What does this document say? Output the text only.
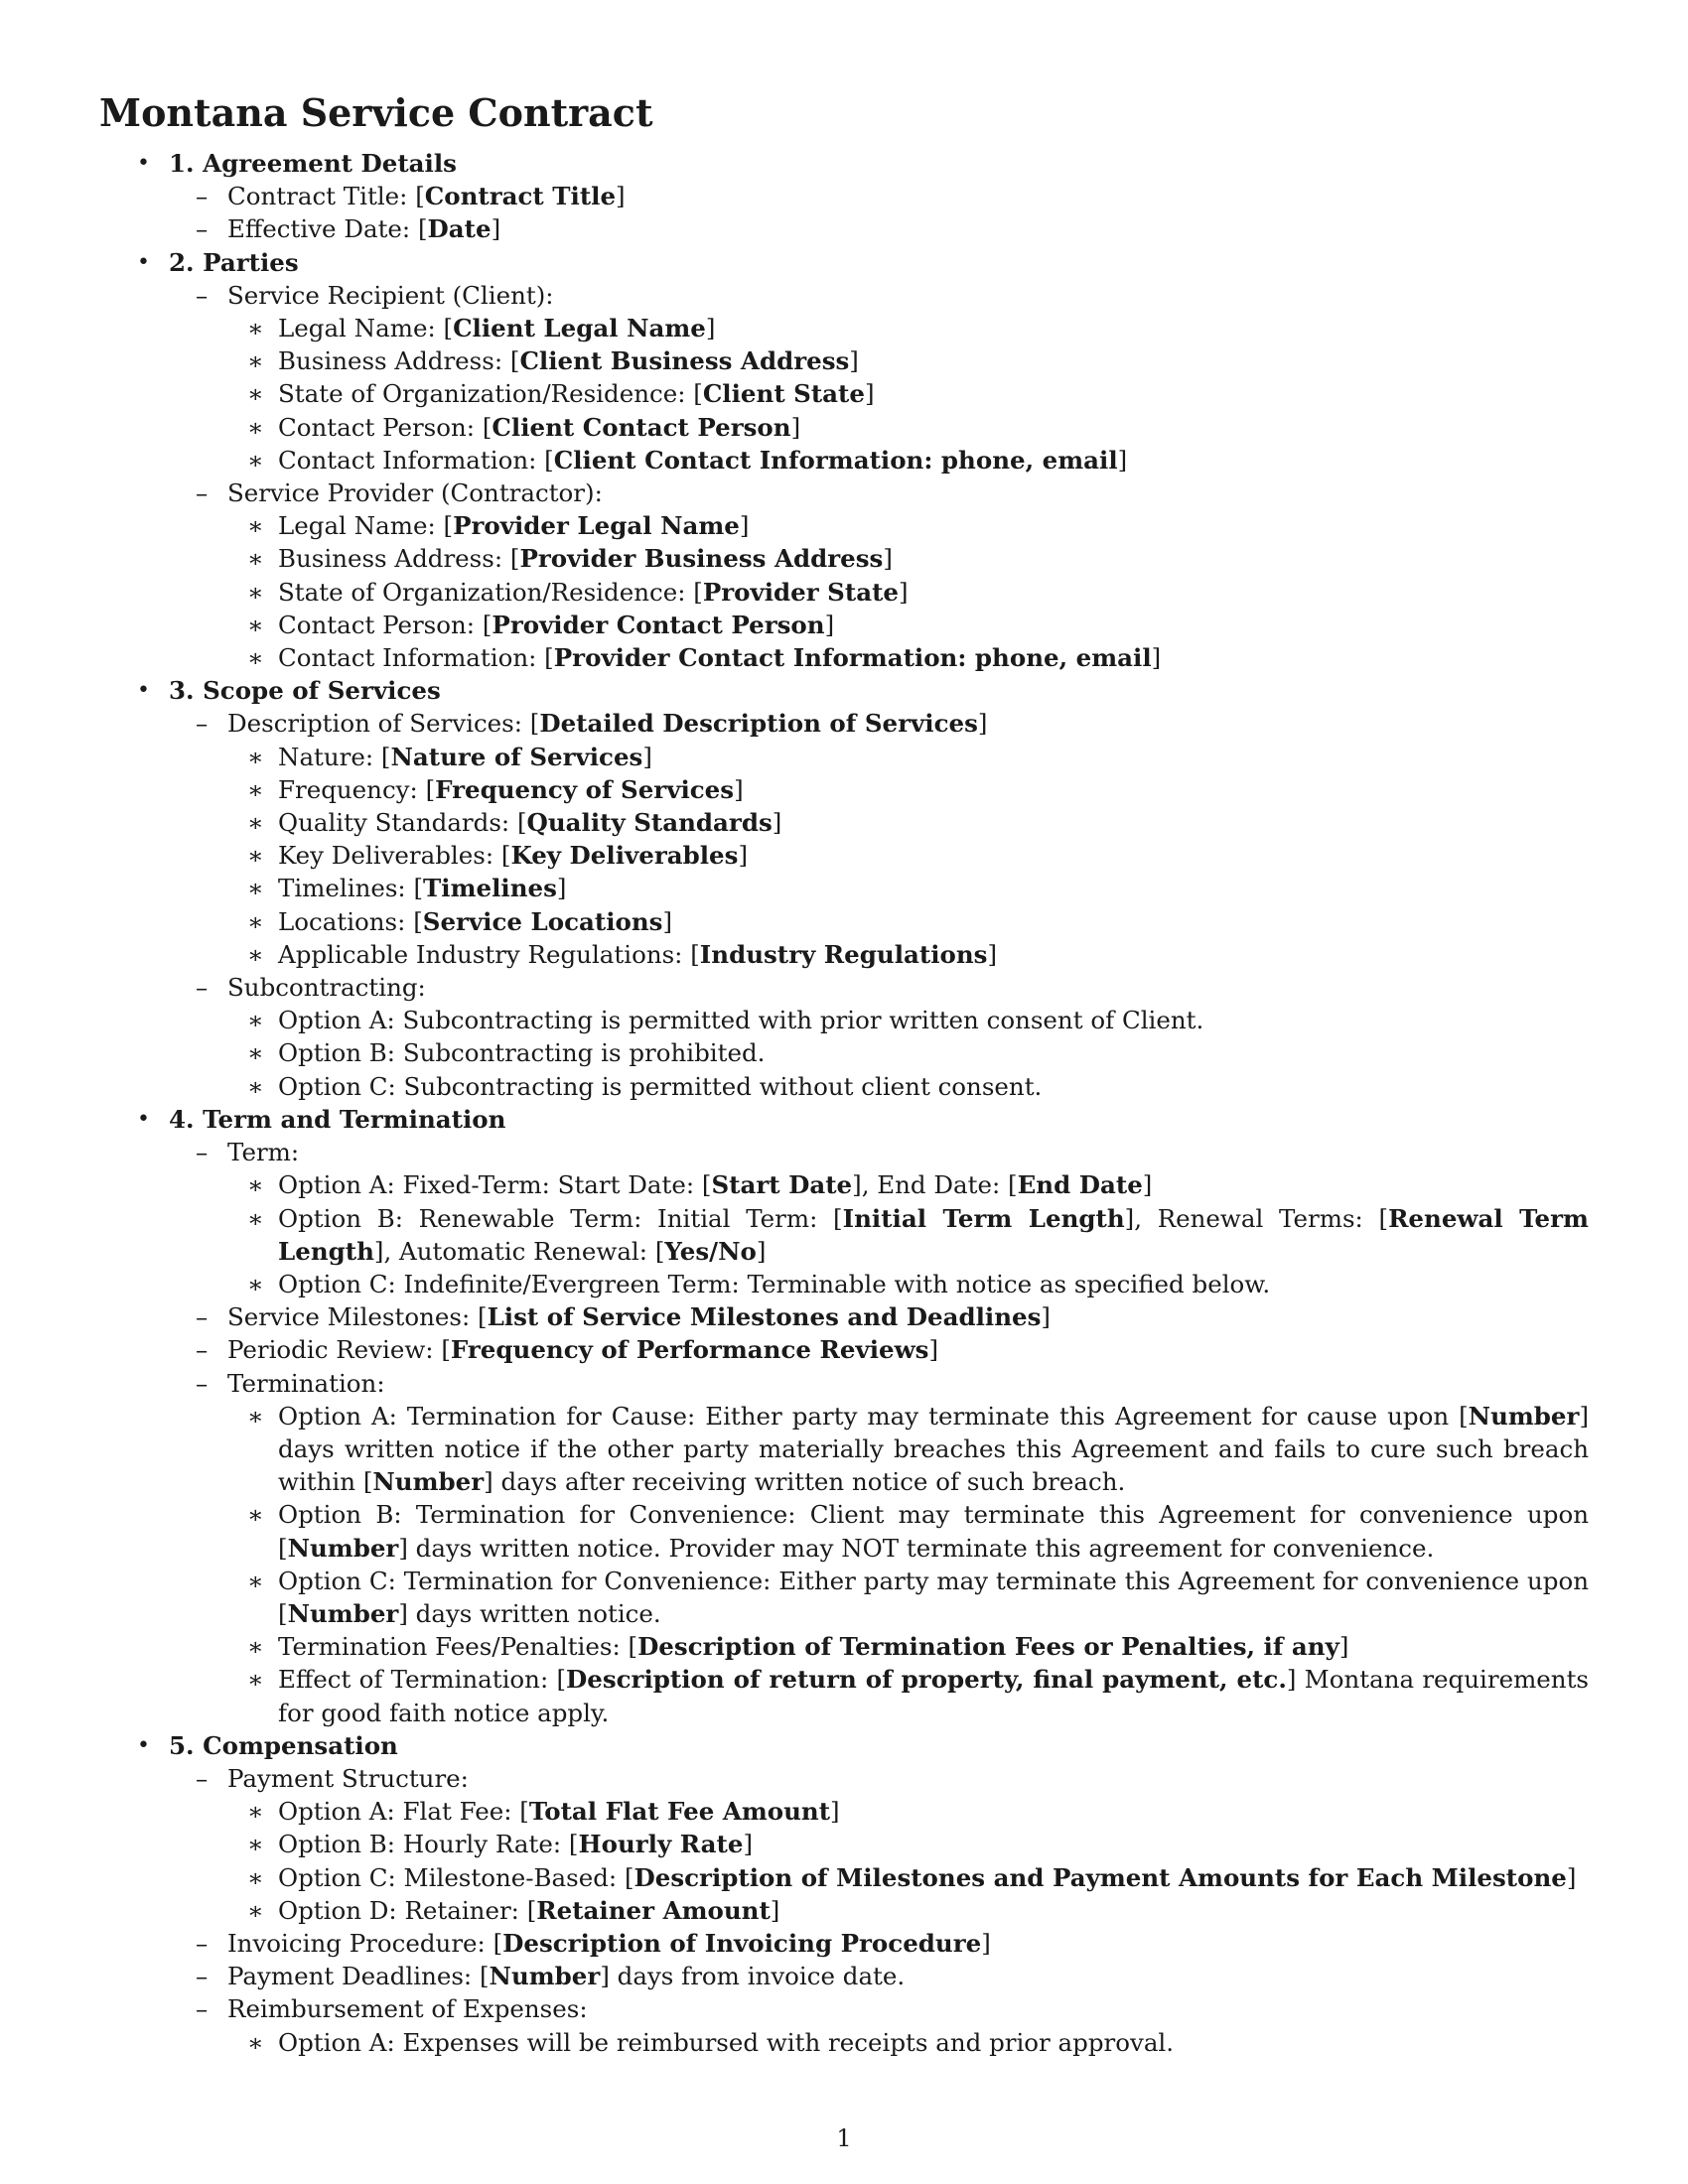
Montana Service Contract
• 1. Agreement Details
– Contract Title: [Contract Title]
– Effective Date: [Date]
• 2. Parties
– Service Recipient (Client):
∗ Legal Name: [Client Legal Name]
∗ Business Address: [Client Business Address]
∗ State of Organization/Residence: [Client State]
∗ Contact Person: [Client Contact Person]
∗ Contact Information: [Client Contact Information: phone, email]
– Service Provider (Contractor):
∗ Legal Name: [Provider Legal Name]
∗ Business Address: [Provider Business Address]
∗ State of Organization/Residence: [Provider State]
∗ Contact Person: [Provider Contact Person]
∗ Contact Information: [Provider Contact Information: phone, email]
• 3. Scope of Services
– Description of Services: [Detailed Description of Services]
∗ Nature: [Nature of Services]
∗ Frequency: [Frequency of Services]
∗ Quality Standards: [Quality Standards]
∗ Key Deliverables: [Key Deliverables]
∗ Timelines: [Timelines]
∗ Locations: [Service Locations]
∗ Applicable Industry Regulations: [Industry Regulations]
– Subcontracting:
∗ Option A: Subcontracting is permitted with prior written consent of Client.
∗ Option B: Subcontracting is prohibited.
∗ Option C: Subcontracting is permitted without client consent.
• 4. Term and Termination
– Term:
∗ Option A: Fixed-Term: Start Date: [Start Date], End Date: [End Date]
∗ Option B: Renewable Term: Initial Term: [Initial Term Length], Renewal Terms: [Renewal Term Length], Automatic Renewal: [Yes/No]
∗ Option C: Indefinite/Evergreen Term: Terminable with notice as specified below.
– Service Milestones: [List of Service Milestones and Deadlines]
– Periodic Review: [Frequency of Performance Reviews]
– Termination:
∗ Option A: Termination for Cause: Either party may terminate this Agreement for cause upon [Number] days written notice if the other party materially breaches this Agreement and fails to cure such breach within [Number] days after receiving written notice of such breach.
∗ Option B: Termination for Convenience: Client may terminate this Agreement for convenience upon [Number] days written notice. Provider may NOT terminate this agreement for convenience.
∗ Option C: Termination for Convenience: Either party may terminate this Agreement for convenience upon [Number] days written notice.
∗ Termination Fees/Penalties: [Description of Termination Fees or Penalties, if any]
∗ Effect of Termination: [Description of return of property, final payment, etc.] Montana requirements for good faith notice apply.
• 5. Compensation
– Payment Structure:
∗ Option A: Flat Fee: [Total Flat Fee Amount]
∗ Option B: Hourly Rate: [Hourly Rate]
∗ Option C: Milestone-Based: [Description of Milestones and Payment Amounts for Each Milestone]
∗ Option D: Retainer: [Retainer Amount]
– Invoicing Procedure: [Description of Invoicing Procedure]
– Payment Deadlines: [Number] days from invoice date.
– Reimbursement of Expenses:
∗ Option A: Expenses will be reimbursed with receipts and prior approval.
1
